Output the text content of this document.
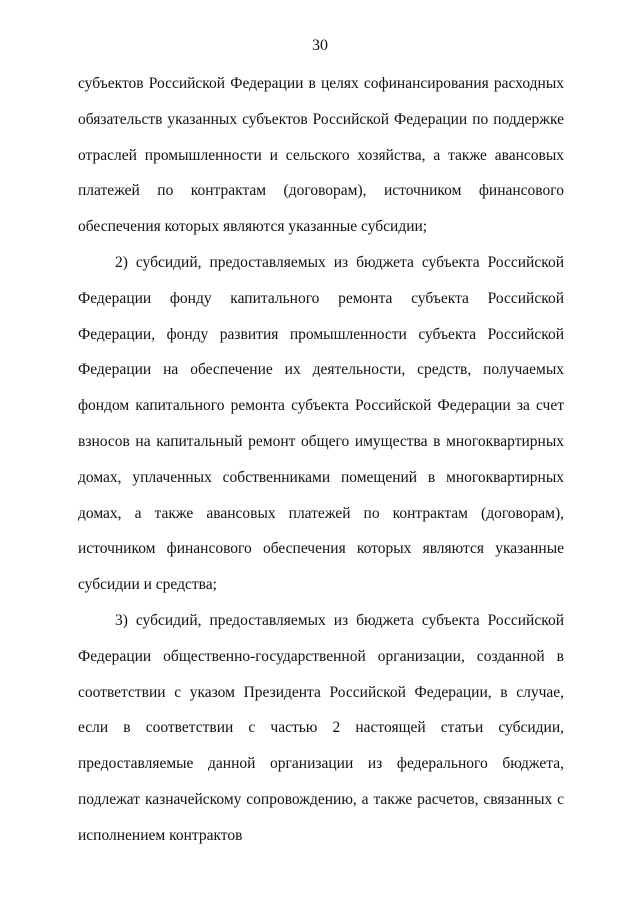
30

субъектов Российской Федерации в целях софинансирования расходных обязательств указанных субъектов Российской Федерации по поддержке отраслей промышленности и сельского хозяйства, а также авансовых платежей по контрактам (договорам), источником финансового обеспечения которых являются указанные субсидии;

2) субсидий, предоставляемых из бюджета субъекта Российской Федерации фонду капитального ремонта субъекта Российской Федерации, фонду развития промышленности субъекта Российской Федерации на обеспечение их деятельности, средств, получаемых фондом капитального ремонта субъекта Российской Федерации за счет взносов на капитальный ремонт общего имущества в многоквартирных домах, уплаченных собственниками помещений в многоквартирных домах, а также авансовых платежей по контрактам (договорам), источником финансового обеспечения которых являются указанные субсидии и средства;

3) субсидий, предоставляемых из бюджета субъекта Российской Федерации общественно-государственной организации, созданной в соответствии с указом Президента Российской Федерации, в случае, если в соответствии с частью 2 настоящей статьи субсидии, предоставляемые данной организации из федерального бюджета, подлежат казначейскому сопровождению, а также расчетов, связанных с исполнением контрактов
